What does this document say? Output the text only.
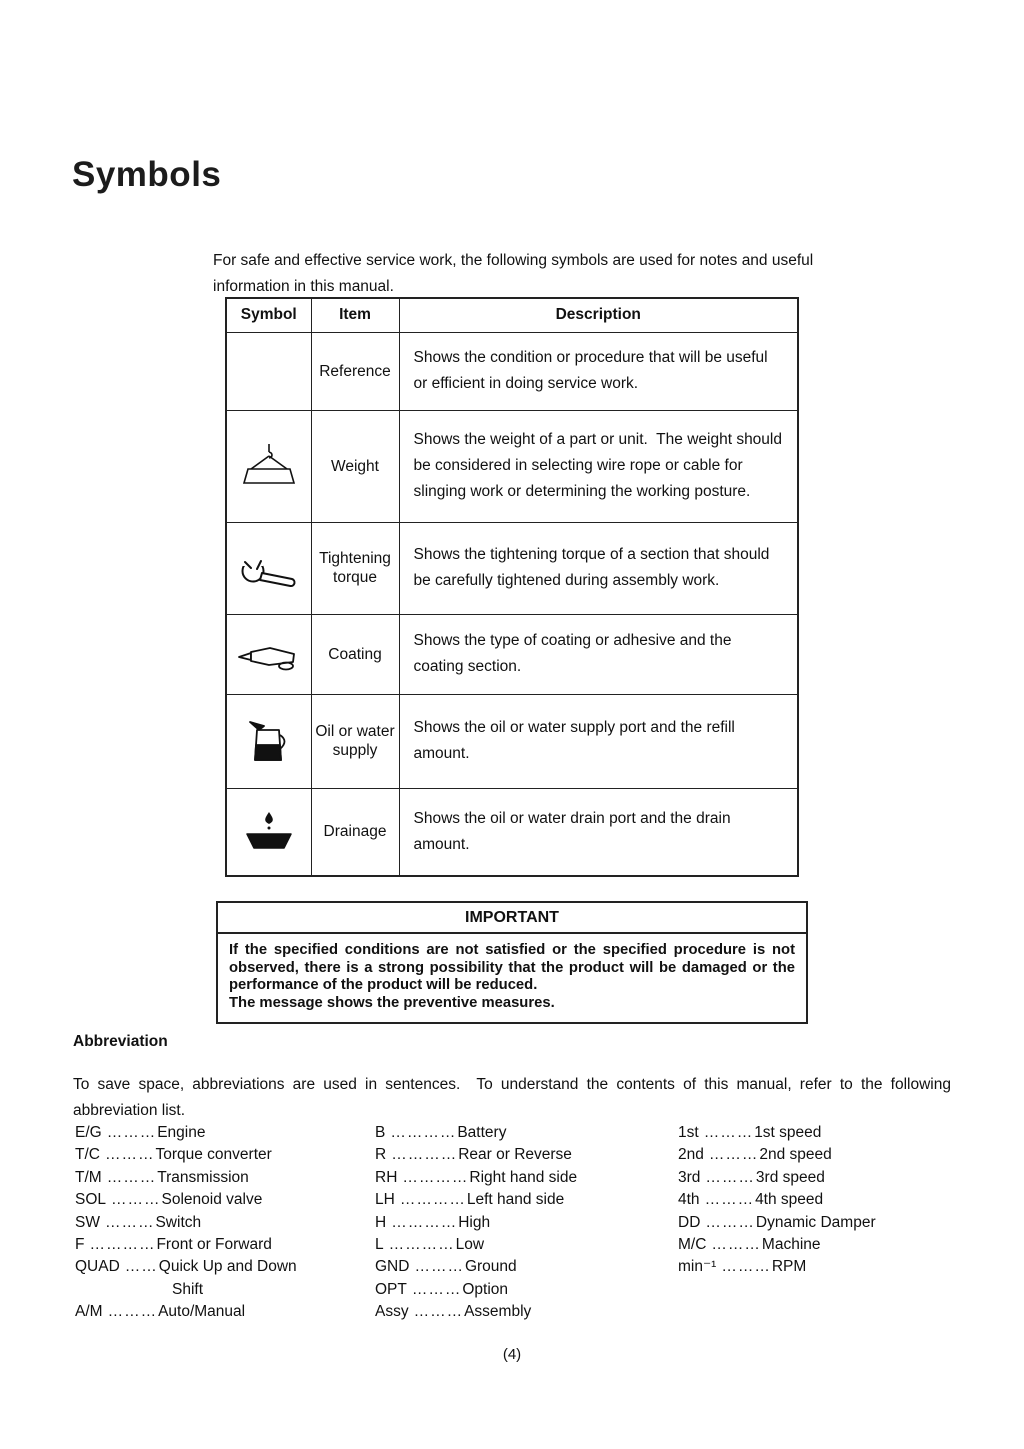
Symbols

For safe and effective service work, the following symbols are used for notes and useful information in this manual.

Symbol	Item	Description
	Reference	Shows the condition or procedure that will be useful or efficient in doing service work.

	Weight	Shows the weight of a part or unit.  The weight should be considered in selecting wire rope or cable for slinging work or determining the working posture.

	Tightening torque	Shows the tightening torque of a section that should be carefully tightened during assembly work.

	Coating	Shows the type of coating or adhesive and the coating section.

	Oil or water supply	Shows the oil or water supply port and the refill amount.

	Drainage	Shows the oil or water drain port and the drain amount.
IMPORTANT
If the specified conditions are not satisfied or the specified procedure is not observed, there is a strong possibility that the product will be damaged or the performance of the product will be reduced.
The message shows the preventive measures.
Abbreviation

To save space, abbreviations are used in sentences.  To understand the contents of this manual, refer to the following abbreviation list.

E/G ………Engine
T/C ………Torque converter
T/M ………Transmission
SOL ………Solenoid valve
SW ………Switch
F …………Front or Forward
QUAD ……Quick Up and Down
Shift
A/M ………Auto/Manual
B …………Battery
R …………Rear or Reverse
RH …………Right hand side
LH …………Left hand side
H …………High
L …………Low
GND ………Ground
OPT ………Option
Assy ………Assembly
1st ………1st speed
2nd ………2nd speed
3rd ………3rd speed
4th ………4th speed
DD ………Dynamic Damper
M/C ………Machine
min⁻¹ ………RPM
(4)
